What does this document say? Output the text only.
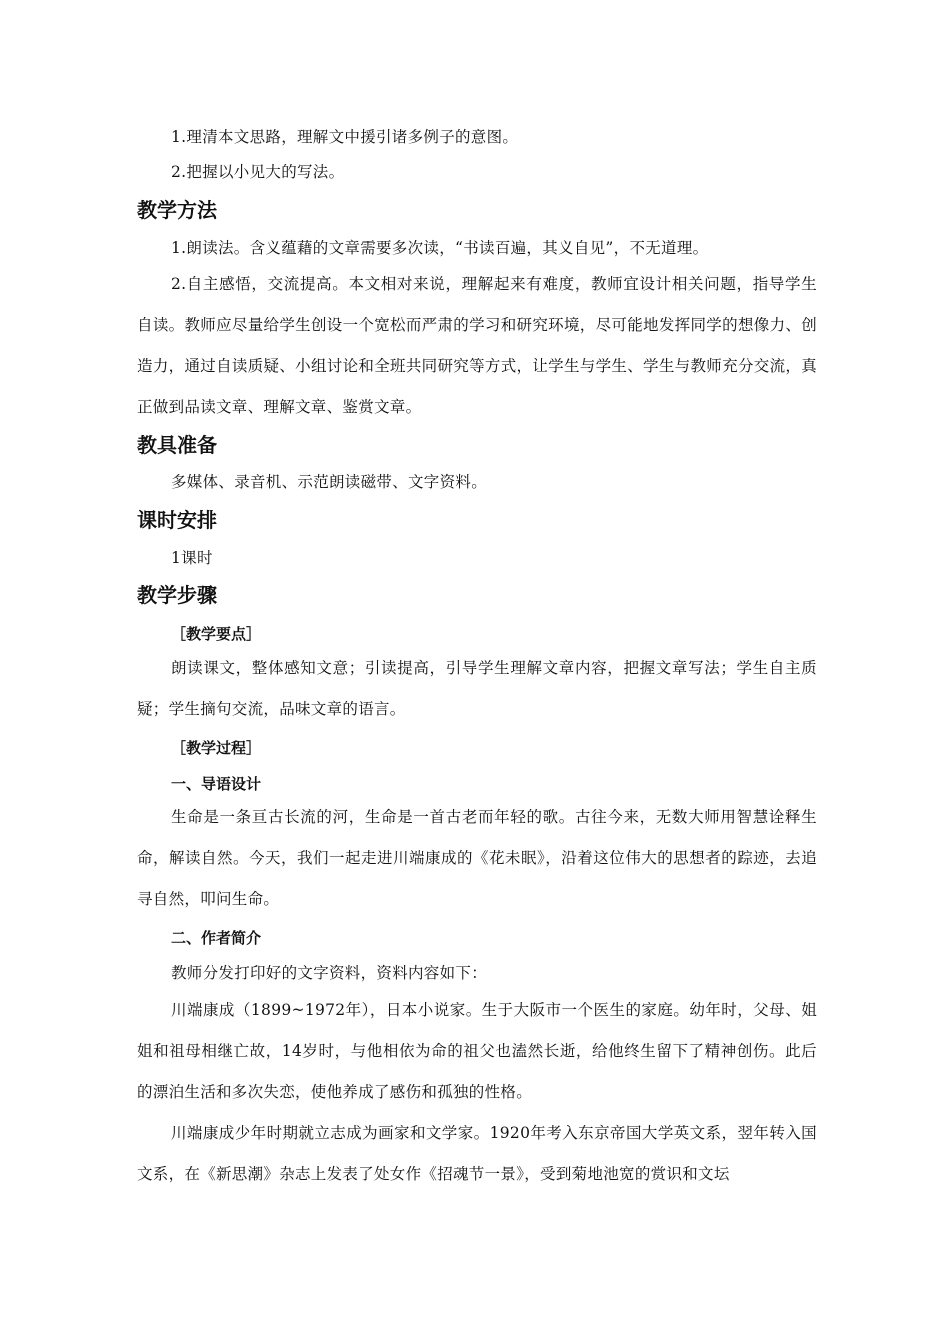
1.理清本文思路，理解文中援引诸多例子的意图。

2.把握以小见大的写法。

教学方法

1.朗读法。含义蕴藉的文章需要多次读，“书读百遍，其义自见”，不无道理。

2.自主感悟，交流提高。本文相对来说，理解起来有难度，教师宜设计相关问题，指导学生自读。教师应尽量给学生创设一个宽松而严肃的学习和研究环境，尽可能地发挥同学的想像力、创造力，通过自读质疑、小组讨论和全班共同研究等方式，让学生与学生、学生与教师充分交流，真正做到品读文章、理解文章、鉴赏文章。

教具准备

多媒体、录音机、示范朗读磁带、文字资料。

课时安排

1课时

教学步骤
［教学要点］

朗读课文，整体感知文意；引读提高，引导学生理解文章内容，把握文章写法；学生自主质疑；学生摘句交流，品味文章的语言。

［教学过程］
一、导语设计

生命是一条亘古长流的河，生命是一首古老而年轻的歌。古往今来，无数大师用智慧诠释生命，解读自然。今天，我们一起走进川端康成的《花未眠》，沿着这位伟大的思想者的踪迹，去追寻自然，叩问生命。

二、作者简介

教师分发打印好的文字资料，资料内容如下：

川端康成（1899~1972年），日本小说家。生于大阪市一个医生的家庭。幼年时，父母、姐姐和祖母相继亡故，14岁时，与他相依为命的祖父也溘然长逝，给他终生留下了精神创伤。此后的漂泊生活和多次失恋，使他养成了感伤和孤独的性格。

川端康成少年时期就立志成为画家和文学家。1920年考入东京帝国大学英文系，翌年转入国文系，在《新思潮》杂志上发表了处女作《招魂节一景》，受到菊地池宽的赏识和文坛
